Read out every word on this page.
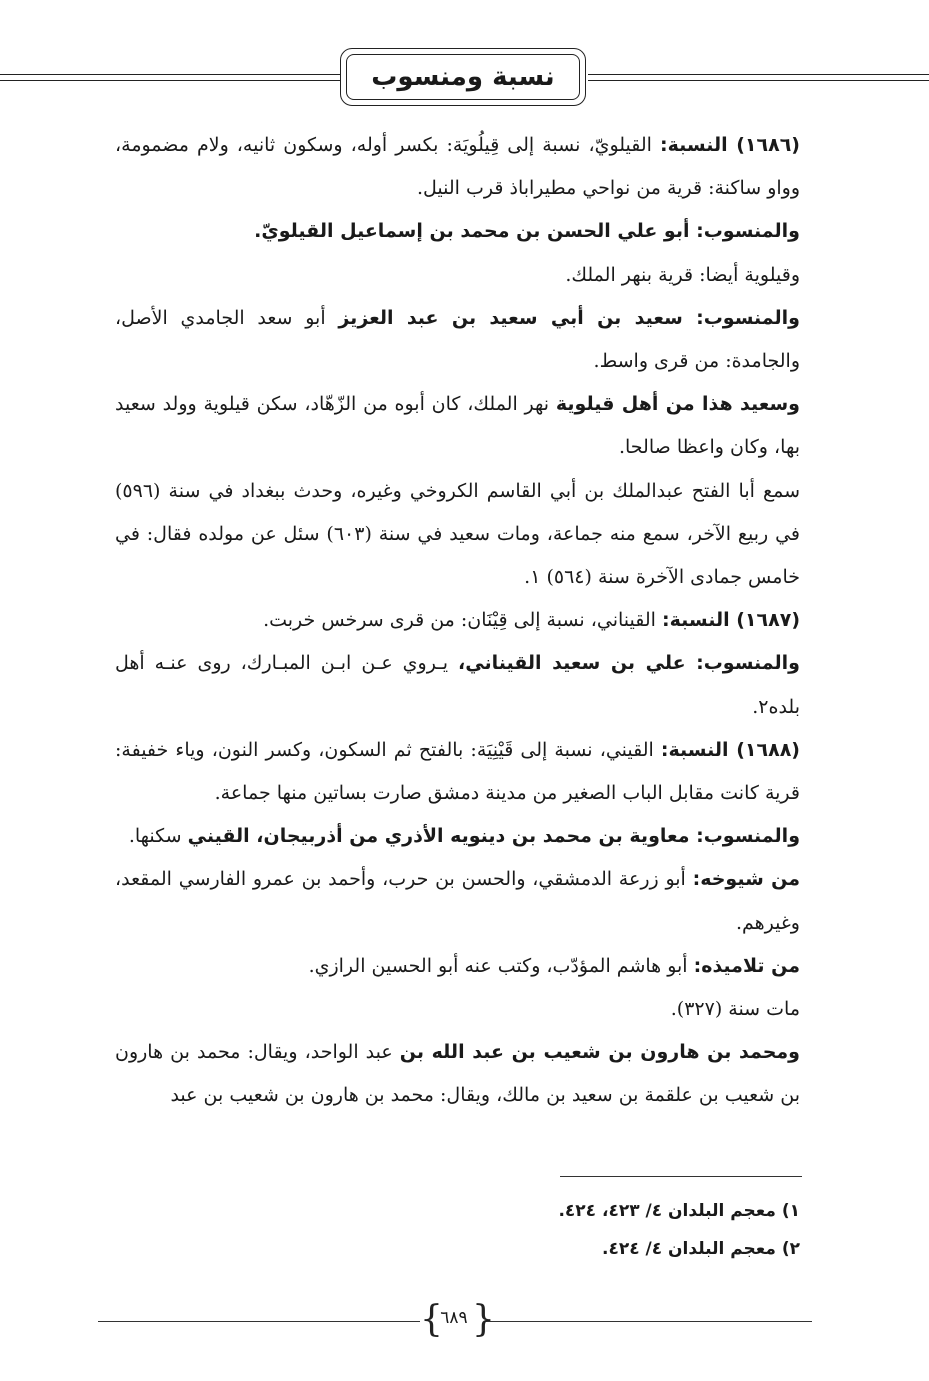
نسبة ومنسوب

(١٦٨٦) النسبة: القيلويّ، نسبة إلى قِيلُويَة: بكسر أوله، وسكون ثانيه، ولام مضمومة، وواو ساكنة: قرية من نواحي مطيراباذ قرب النيل.

والمنسوب: أبو علي الحسن بن محمد بن إسماعيل القيلويّ.

وقيلوية أيضا: قرية بنهر الملك.

والمنسوب: سعيد بن أبي سعيد بن عبد العزيز أبو سعد الجامدي الأصل، والجامدة: من قرى واسط.

وسعيد هذا من أهل قيلوية نهر الملك، كان أبوه من الزّهّاد، سكن قيلوية وولد سعيد بها، وكان واعظا صالحا.

سمع أبا الفتح عبدالملك بن أبي القاسم الكروخي وغيره، وحدث ببغداد في سنة (٥٩٦) في ربيع الآخر، سمع منه جماعة، ومات سعيد في سنة (٦٠٣) سئل عن مولده فقال: في خامس جمادى الآخرة سنة (٥٦٤) ١.

(١٦٨٧) النسبة: القيناني، نسبة إلى قِيْنَان: من قرى سرخس خربت.

والمنسوب: علي بن سعيد القيناني، يـروي عـن ابـن المبـارك، روى عنـه أهل بلده٢.

(١٦٨٨) النسبة: القيني، نسبة إلى قَيْنِيَة: بالفتح ثم السكون، وكسر النون، وياء خفيفة: قرية كانت مقابل الباب الصغير من مدينة دمشق صارت بساتين منها جماعة.

والمنسوب: معاوية بن محمد بن دينويه الأذري من أذربيجان، القيني سكنها.

من شيوخه: أبو زرعة الدمشقي، والحسن بن حرب، وأحمد بن عمرو الفارسي المقعد، وغيرهم.

من تلاميذه: أبو هاشم المؤدّب، وكتب عنه أبو الحسين الرازي.

مات سنة (٣٢٧).

ومحمد بن هارون بن شعيب بن عبد الله بن عبد الواحد، ويقال: محمد بن هارون بن شعيب بن علقمة بن سعيد بن مالك، ويقال: محمد بن هارون بن شعيب بن عبد

١) معجم البلدان ٤/ ٤٢٣، ٤٢٤.

٢) معجم البلدان ٤/ ٤٢٤.

{ }
٦٨٩
